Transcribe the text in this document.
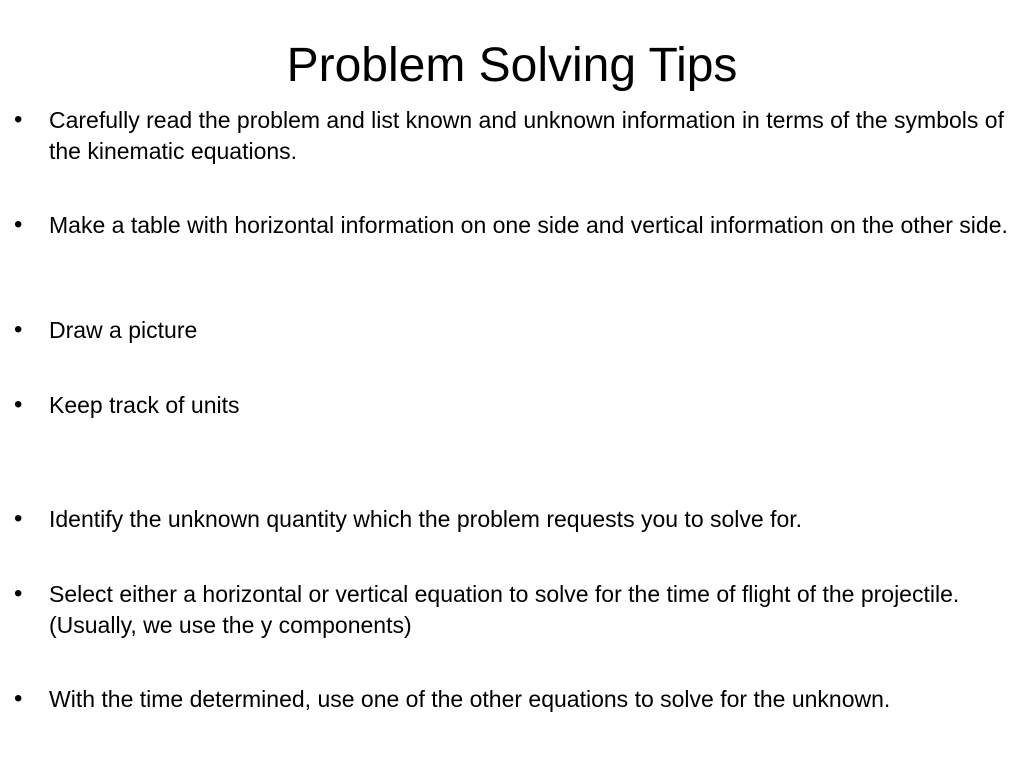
Problem Solving Tips
• Carefully read the problem and list known and unknown information in terms of the symbols of the kinematic equations.
• Make a table with horizontal information on one side and vertical information on the other side.
• Draw a picture
• Keep track of units
• Identify the unknown quantity which the problem requests you to solve for.
• Select either a horizontal or vertical equation to solve for the time of flight of the projectile. (Usually, we use the y components)
• With the time determined, use one of the other equations to solve for the unknown.
